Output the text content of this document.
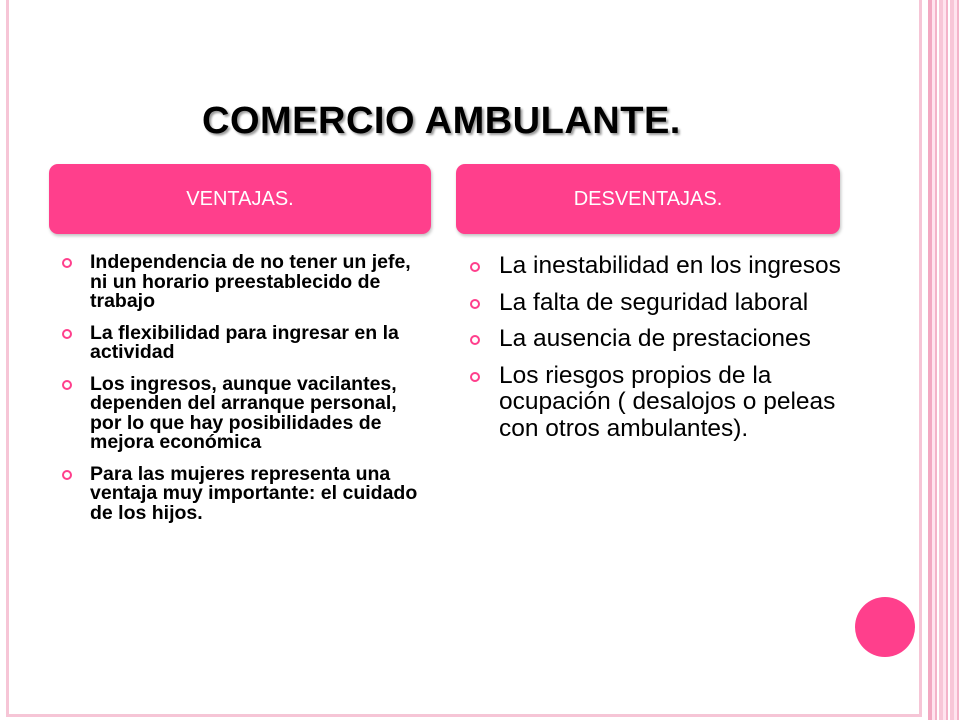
COMERCIO AMBULANTE.
VENTAJAS.	DESVENTAJAS.
Independencia de no tener un jefe, ni un horario preestablecido de trabajo
La flexibilidad para ingresar en la actividad
Los ingresos, aunque vacilantes, dependen del arranque personal, por lo que hay posibilidades de mejora económica
Para las mujeres representa una ventaja muy importante: el cuidado de los hijos.
La inestabilidad en los ingresos
La falta de seguridad laboral
La ausencia de prestaciones
Los riesgos propios de la ocupación ( desalojos o peleas con otros ambulantes).
